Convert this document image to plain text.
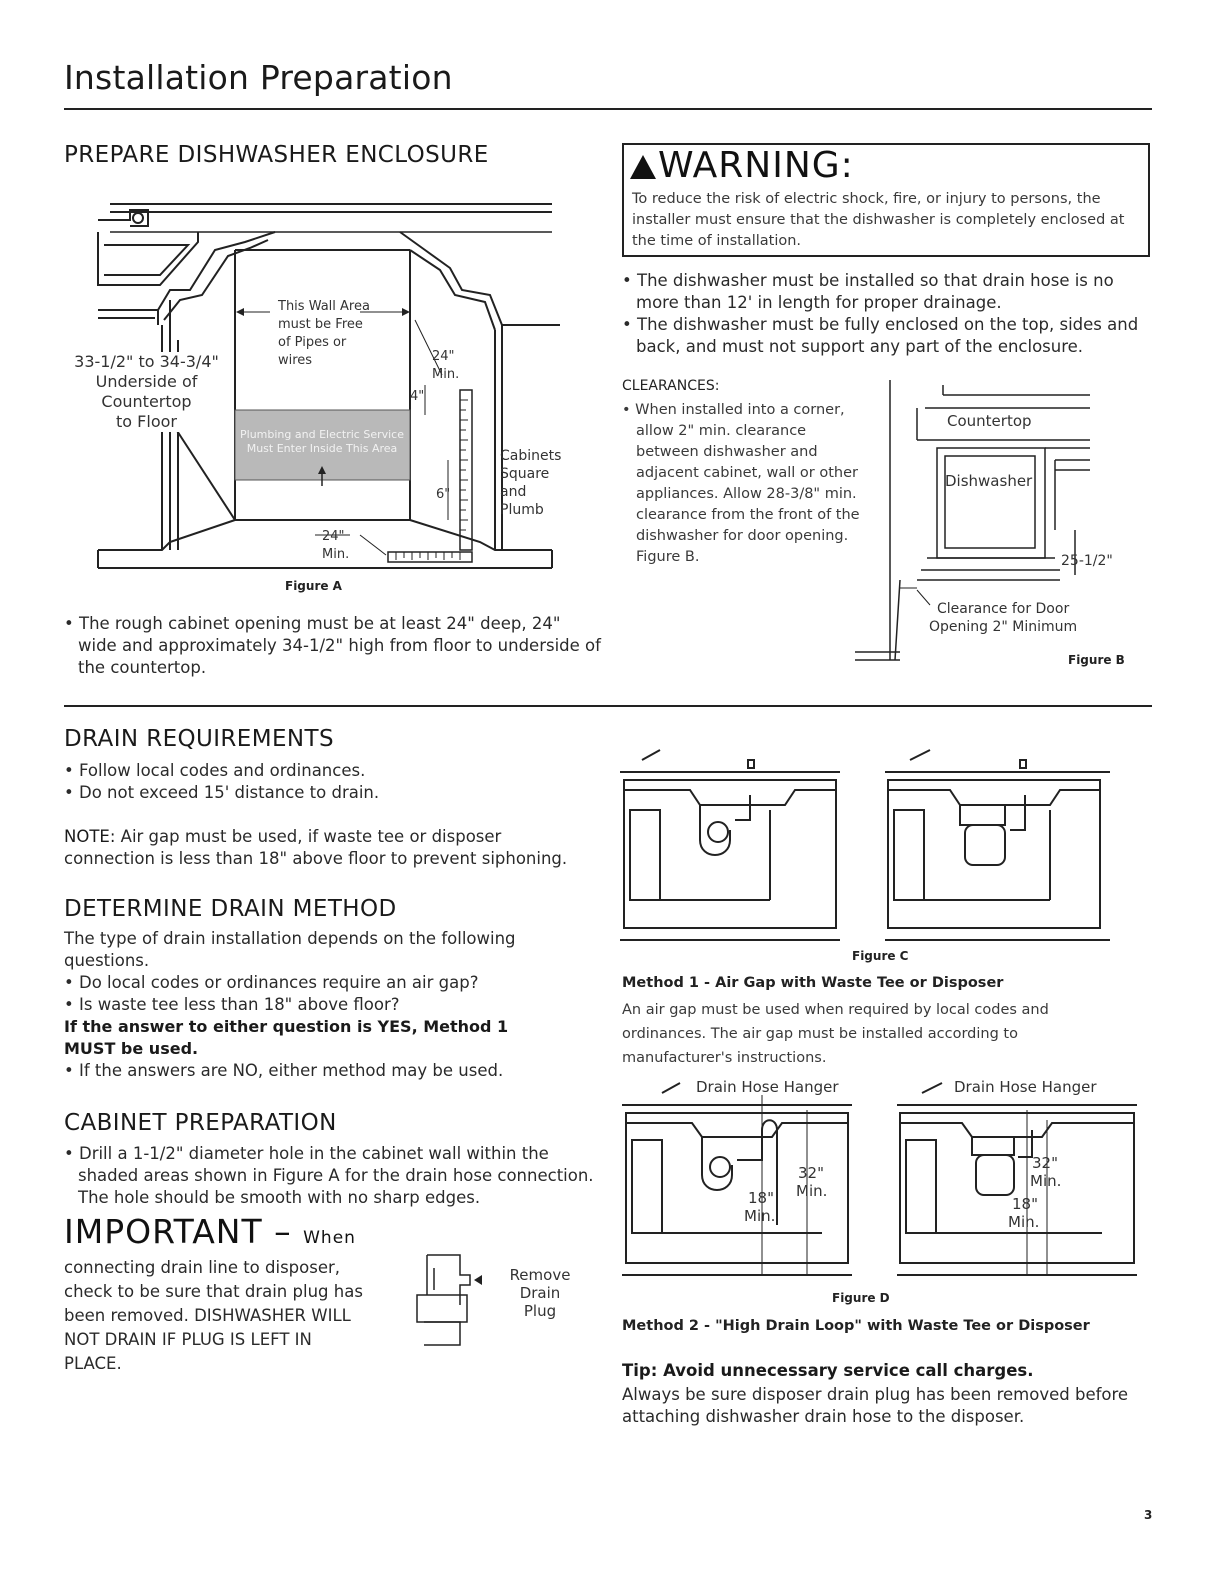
Installation Preparation
PREPARE DISHWASHER ENCLOSURE
Plumbing and Electric Service
Must Enter Inside This Area
This Wall Area
must be Free
of Pipes or
wires	24"
Min.
4"
6"
Cabinets
Square
and
Plumb
24"
Min.
Figure A
33-1/2" to 34-3/4"
Underside of
Countertop
to Floor

• The rough cabinet opening must be at least 24" deep, 24" wide and approximately 34-1/2" high from floor to underside of the countertop.

WARNING:
To reduce the risk of electric shock, fire, or injury to persons, the installer must ensure that the dishwasher is completely enclosed at the time of installation.

• The dishwasher must be installed so that drain hose is no more than 12' in length for proper drainage.

• The dishwasher must be fully enclosed on the top, sides and back, and must not support any part of the enclosure.

CLEARANCES:

• When installed into a corner, allow 2" min. clearance between dishwasher and adjacent cabinet, wall or other appliances. Allow 28-3/8" min. clearance from the front of the dishwasher for door opening. Figure B.

Countertop
Dishwasher
25-1/2"
Clearance for Door
Opening 2" Minimum
Figure B
DRAIN REQUIREMENTS

• Follow local codes and ordinances.

• Do not exceed 15' distance to drain.

NOTE: Air gap must be used, if waste tee or disposer connection is less than 18" above floor to prevent siphoning.
DETERMINE DRAIN METHOD
The type of drain installation depends on the following questions.

• Do local codes or ordinances require an air gap?

• Is waste tee less than 18" above floor?

If the answer to either question is YES, Method 1 MUST be used.

• If the answers are NO, either method may be used.

CABINET PREPARATION

• Drill a 1-1/2" diameter hole in the cabinet wall within the shaded areas shown in Figure A for the drain hose connection. The hole should be smooth with no sharp edges.

IMPORTANT – When
connecting drain line to disposer, check to be sure that drain plug has been removed. DISHWASHER WILL NOT DRAIN IF PLUG IS LEFT IN PLACE.
Remove
Drain
Plug
Figure C
Method 1 - Air Gap with Waste Tee or Disposer
An air gap must be used when required by local codes and ordinances. The air gap must be installed according to manufacturer's instructions.
Drain Hose Hanger	Drain Hose Hanger
32"
Min.
18"
Min.
32"
Min.
18"
Min.
Figure D
Method 2 - "High Drain Loop" with Waste Tee or Disposer
Tip: Avoid unnecessary service call charges.
Always be sure disposer drain plug has been removed before attaching dishwasher drain hose to the disposer.
3
